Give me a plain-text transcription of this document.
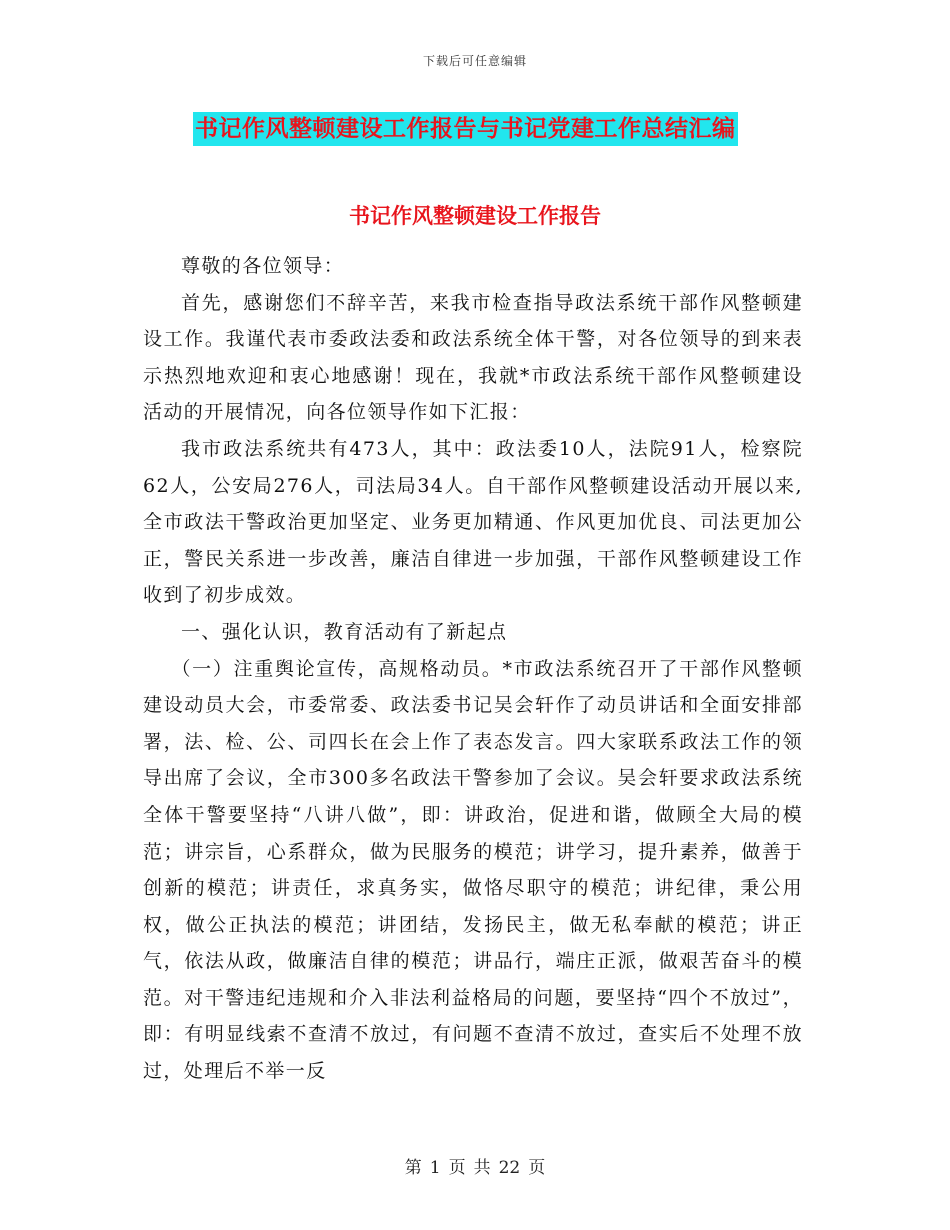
下载后可任意编辑
书记作风整顿建设工作报告与书记党建工作总结汇编
书记作风整顿建设工作报告

尊敬的各位领导：

首先，感谢您们不辞辛苦，来我市检查指导政法系统干部作风整顿建设工作。我谨代表市委政法委和政法系统全体干警，对各位领导的到来表示热烈地欢迎和衷心地感谢！现在，我就*市政法系统干部作风整顿建设活动的开展情况，向各位领导作如下汇报：

我市政法系统共有473人，其中：政法委10人，法院91人，检察院62人，公安局276人，司法局34人。自干部作风整顿建设活动开展以来,全市政法干警政治更加坚定、业务更加精通、作风更加优良、司法更加公正，警民关系进一步改善，廉洁自律进一步加强，干部作风整顿建设工作收到了初步成效。

一、强化认识，教育活动有了新起点

（一）注重舆论宣传，高规格动员。*市政法系统召开了干部作风整顿建设动员大会，市委常委、政法委书记吴会轩作了动员讲话和全面安排部署，法、检、公、司四长在会上作了表态发言。四大家联系政法工作的领导出席了会议，全市300多名政法干警参加了会议。吴会轩要求政法系统全体干警要坚持“八讲八做”，即：讲政治，促进和谐，做顾全大局的模范；讲宗旨，心系群众，做为民服务的模范；讲学习，提升素养，做善于创新的模范；讲责任，求真务实，做恪尽职守的模范；讲纪律，秉公用权，做公正执法的模范；讲团结，发扬民主，做无私奉献的模范；讲正气，依法从政，做廉洁自律的模范；讲品行，端庄正派，做艰苦奋斗的模范。对干警违纪违规和介入非法利益格局的问题，要坚持“四个不放过”，即：有明显线索不查清不放过，有问题不查清不放过，查实后不处理不放过，处理后不举一反

第 1 页 共 22 页
